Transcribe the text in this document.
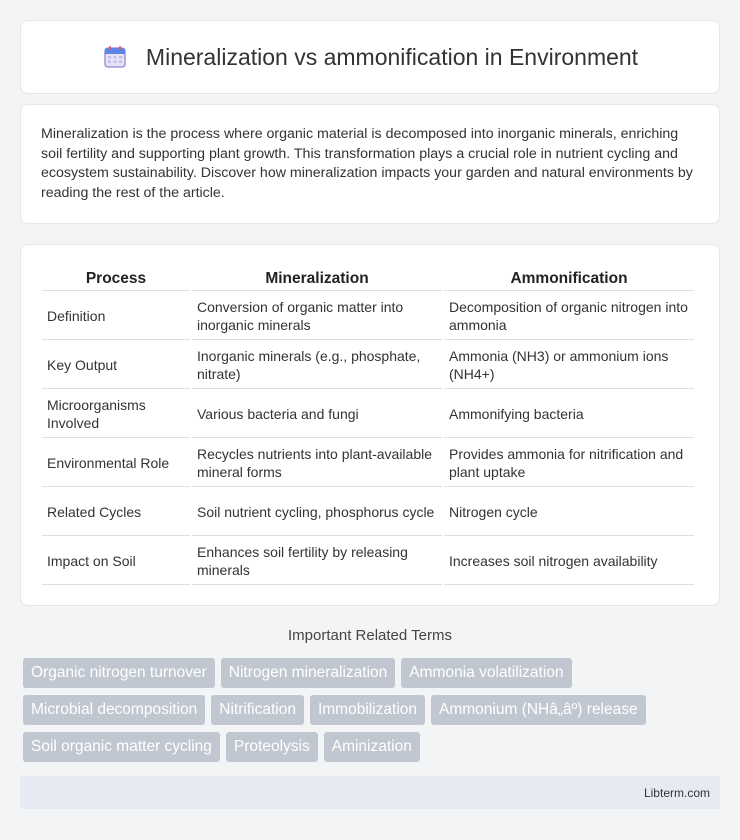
Mineralization vs ammonification in Environment

Mineralization is the process where organic material is decomposed into inorganic minerals, enriching soil fertility and supporting plant growth. This transformation plays a crucial role in nutrient cycling and ecosystem sustainability. Discover how mineralization impacts your garden and natural environments by reading the rest of the article.

Process	Mineralization	Ammonification
Definition	Conversion of organic matter into inorganic minerals	Decomposition of organic nitrogen into ammonia
Key Output	Inorganic minerals (e.g., phosphate, nitrate)	Ammonia (NH3) or ammonium ions (NH4+)
Microorganisms Involved	Various bacteria and fungi	Ammonifying bacteria
Environmental Role	Recycles nutrients into plant-available mineral forms	Provides ammonia for nitrification and plant uptake
Related Cycles	Soil nutrient cycling, phosphorus cycle	Nitrogen cycle
Impact on Soil	Enhances soil fertility by releasing minerals	Increases soil nitrogen availability
Important Related Terms
Organic nitrogen turnover	Nitrogen mineralization	Ammonia volatilization
Microbial decomposition	Nitrification	Immobilization	Ammonium (NHâ„âº) release
Soil organic matter cycling	Proteolysis	Aminization
Libterm.com
